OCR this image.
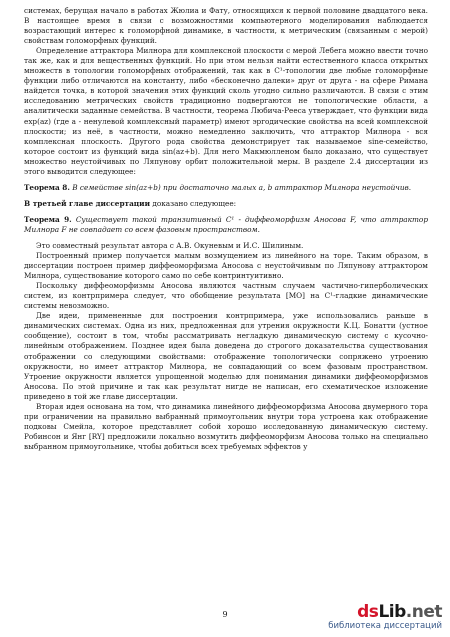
системах, берущая начало в работах Жюлиа и Фату, относящихся к первой половине двадцатого века. В настоящее время в связи с возможностями компьютерного моделирования наблюдается возрастающий интерес к голоморфной динамике, в частности, к метрическим (связанным с мерой) свойствам голоморфных функций.

Определение аттрактора Милнора для комплексной плоскости с мерой Лебега можно ввести точно так же, как и для вещественных функций. Но при этом нельзя найти естественного класса открытых множеств в топологии голоморфных отображений, так как в C¹-топологии две любые голоморфные функции либо отличаются на константу, либо «бесконечно далеки» друг от друга - на сфере Римана найдется точка, в которой значения этих функций сколь угодно сильно различаются. В связи с этим исследованию метрических свойств традиционно подвергаются не топологические области, а аналитически заданные семейства. В частности, теорема Любича-Рееса утверждает, что функции вида exp(az) (где a - ненулевой комплексный параметр) имеют эргодические свойства на всей комплексной плоскости; из неё, в частности, можно немедленно заключить, что аттрактор Милнора - вся комплексная плоскость. Другого рода свойства демонстрирует так называемое sine-семейство, которое состоит из функций вида sin(az+b). Для него Макмюлленом было доказано, что существует множество неустойчивых по Ляпунову орбит положительной меры. В разделе 2.4 диссертации из этого выводится следующее:

Теорема 8. В семействе sin(az+b) при достаточно малых a, b аттрактор Милнора неустойчив.

В третьей главе диссертации доказано следующее:

Теорема 9. Существует такой транзитивный C¹ - диффеоморфизм Аносова F, что аттрактор Милнора F не совпадает со всем фазовым пространством.

Это совместный результат автора с А.В. Окуневым и И.С. Шилиным.

Построенный пример получается малым возмущением из линейного на торе. Таким образом, в диссертации построен пример диффеоморфизма Аносова с неустойчивым по Ляпунову аттрактором Милнора, существование которого само по себе контринтуитивно.

Поскольку диффеоморфизмы Аносова являются частным случаем частично-гиперболических систем, из контрпримера следует, что обобщение результата [MO] на C¹-гладкие динамические системы невозможно.

Две идеи, примененные для построения контрпримера, уже использовались раньше в динамических системах. Одна из них, предложенная для утрения окружности К.Ц. Бонатти (устное сообщение), состоит в том, чтобы рассматривать негладкую динамическую систему с кусочно-линейным отображением. Позднее идея была доведена до строгого доказательства существования отображении со следующими свойствами: отображение топологически сопряжено утроению окружности, но имеет аттрактор Милнора, не совпадающий со всем фазовым пространством. Утроение окружности является упрощенной моделью для понимания динамики диффеоморфизмов Аносова. По этой причине и так как результат нигде не написан, его схематическое изложение приведено в той же главе диссертации.

Вторая идея основана на том, что динамика линейного диффеоморфизма Аносова двумерного тора при ограничении на правильно выбранный прямоугольник внутри тора устроена как отображение подковы Смейла, которое представляет собой хорошо исследованную динамическую систему. Робинсон и Янг [RY] предложили локально возмутить диффеоморфизм Аносова только на специально выбранном прямоугольнике, чтобы добиться всех требуемых эффектов у

9	dsLib.net
библиотека диссертаций
